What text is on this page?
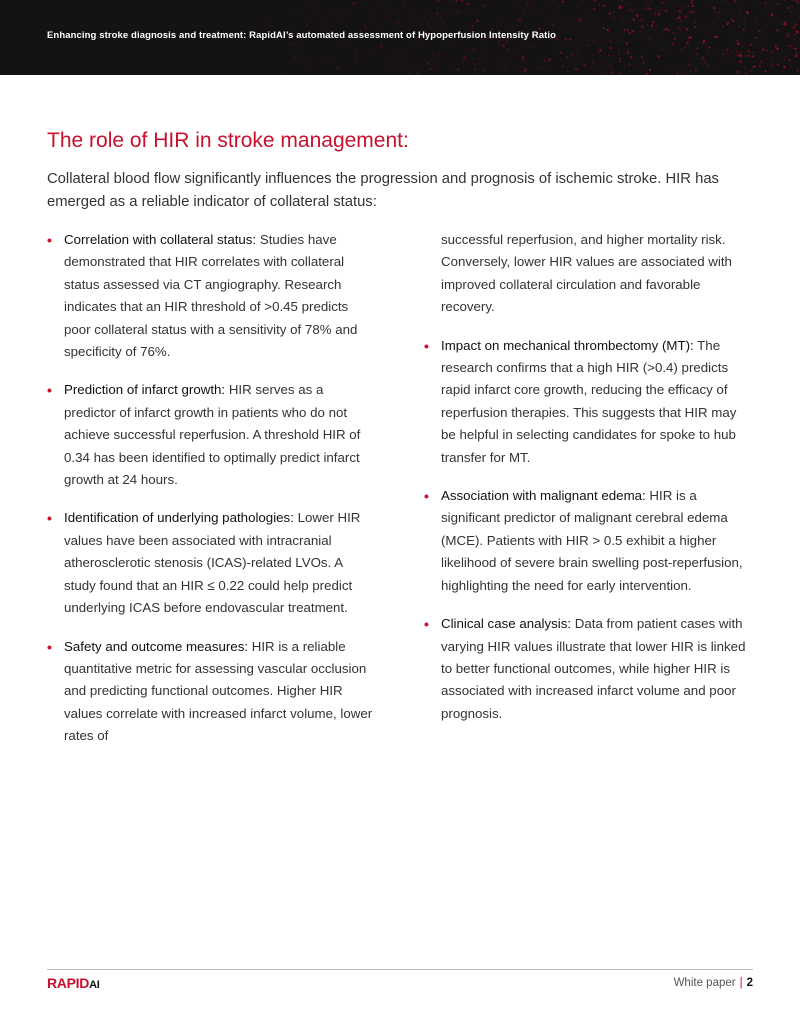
Enhancing stroke diagnosis and treatment: RapidAI’s automated assessment of Hypoperfusion Intensity Ratio
The role of HIR in stroke management:

Collateral blood flow significantly influences the progression and prognosis of ischemic stroke. HIR has emerged as a reliable indicator of collateral status:

• Correlation with collateral status: Studies have demonstrated that HIR correlates with collateral status assessed via CT angiography. Research indicates that an HIR threshold of >0.45 predicts poor collateral status with a sensitivity of 78% and specificity of 76%.
• Prediction of infarct growth: HIR serves as a predictor of infarct growth in patients who do not achieve successful reperfusion. A threshold HIR of 0.34 has been identified to optimally predict infarct growth at 24 hours.
• Identification of underlying pathologies: Lower HIR values have been associated with intracranial atherosclerotic stenosis (ICAS)-related LVOs. A study found that an HIR ≤ 0.22 could help predict underlying ICAS before endovascular treatment.
• Safety and outcome measures: HIR is a reliable quantitative metric for assessing vascular occlusion and predicting functional outcomes. Higher HIR values correlate with increased infarct volume, lower rates of
successful reperfusion, and higher mortality risk. Conversely, lower HIR values are associated with improved collateral circulation and favorable recovery.
• Impact on mechanical thrombectomy (MT): The research confirms that a high HIR (>0.4) predicts rapid infarct core growth, reducing the efficacy of reperfusion therapies. This suggests that HIR may be helpful in selecting candidates for spoke to hub transfer for MT.
• Association with malignant edema: HIR is a significant predictor of malignant cerebral edema (MCE). Patients with HIR > 0.5 exhibit a higher likelihood of severe brain swelling post-reperfusion, highlighting the need for early intervention.
• Clinical case analysis: Data from patient cases with varying HIR values illustrate that lower HIR is linked to better functional outcomes, while higher HIR is associated with increased infarct volume and poor prognosis.
RAPIDAI	White paper | 2
